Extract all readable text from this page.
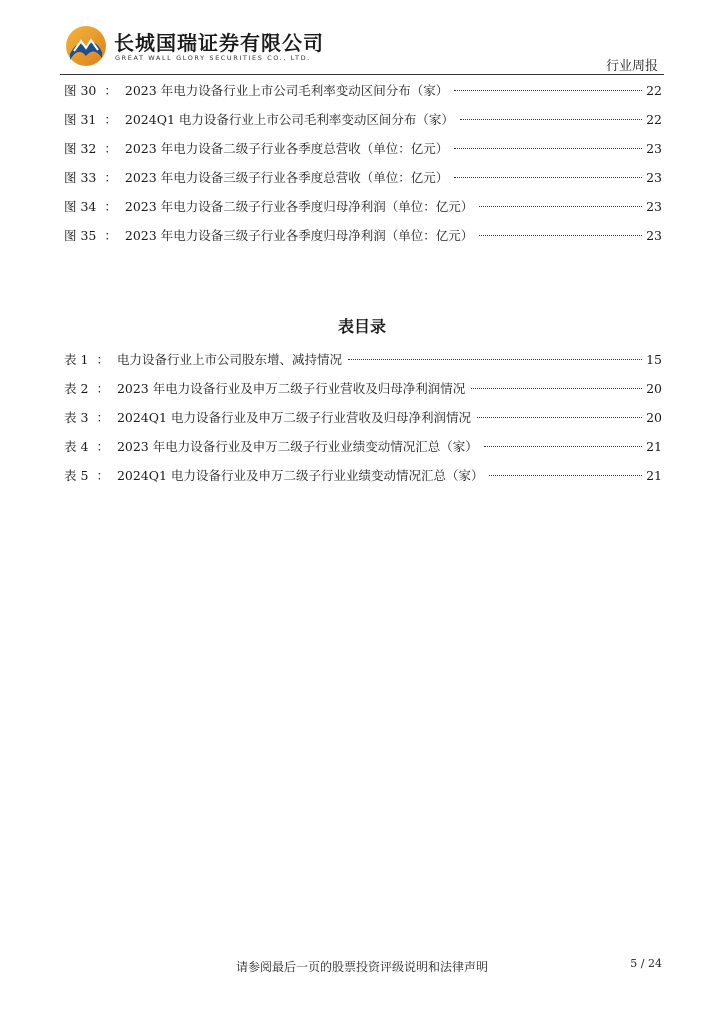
长城国瑞证券有限公司
GREAT WALL GLORY SECURITIES CO., LTD.
行业周报
图 30 ： 2023 年电力设备行业上市公司毛利率变动区间分布（家）	22
图 31 ： 2024Q1 电力设备行业上市公司毛利率变动区间分布（家）	22
图 32 ： 2023 年电力设备二级子行业各季度总营收（单位：亿元）	23
图 33 ： 2023 年电力设备三级子行业各季度总营收（单位：亿元）	23
图 34 ： 2023 年电力设备二级子行业各季度归母净利润（单位：亿元）	23
图 35 ： 2023 年电力设备三级子行业各季度归母净利润（单位：亿元）	23
表目录
表 1 ： 电力设备行业上市公司股东增、减持情况	15
表 2 ： 2023 年电力设备行业及申万二级子行业营收及归母净利润情况	20
表 3 ： 2024Q1 电力设备行业及申万二级子行业营收及归母净利润情况	20
表 4 ： 2023 年电力设备行业及申万二级子行业业绩变动情况汇总（家）	21
表 5 ： 2024Q1 电力设备行业及申万二级子行业业绩变动情况汇总（家）	21
请参阅最后一页的股票投资评级说明和法律声明	5 / 24
